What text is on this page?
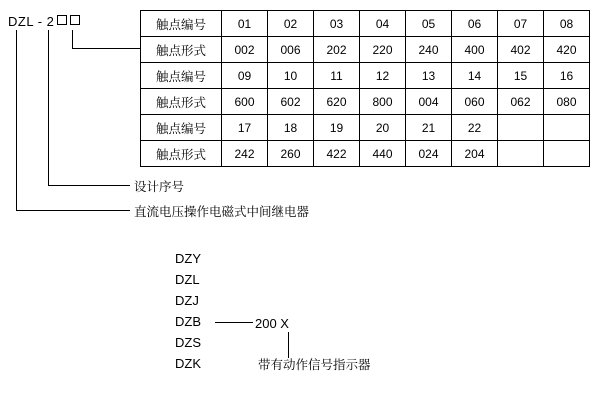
DZL - 2	触点编号	01	02	03	04	05	06	07	08
触点形式	002	006	202	220	240	400	402	420
触点编号	09	10	11	12	13	14	15	16
触点形式	600	602	620	800	004	060	062	080
触点编号	17	18	19	20	21	22		
触点形式	242	260	422	440	024	204		
设计序号
直流电压操作电磁式中间继电器
DZY
DZL
DZJ
DZB
DZS
DZK
200 X
带有动作信号指示器
